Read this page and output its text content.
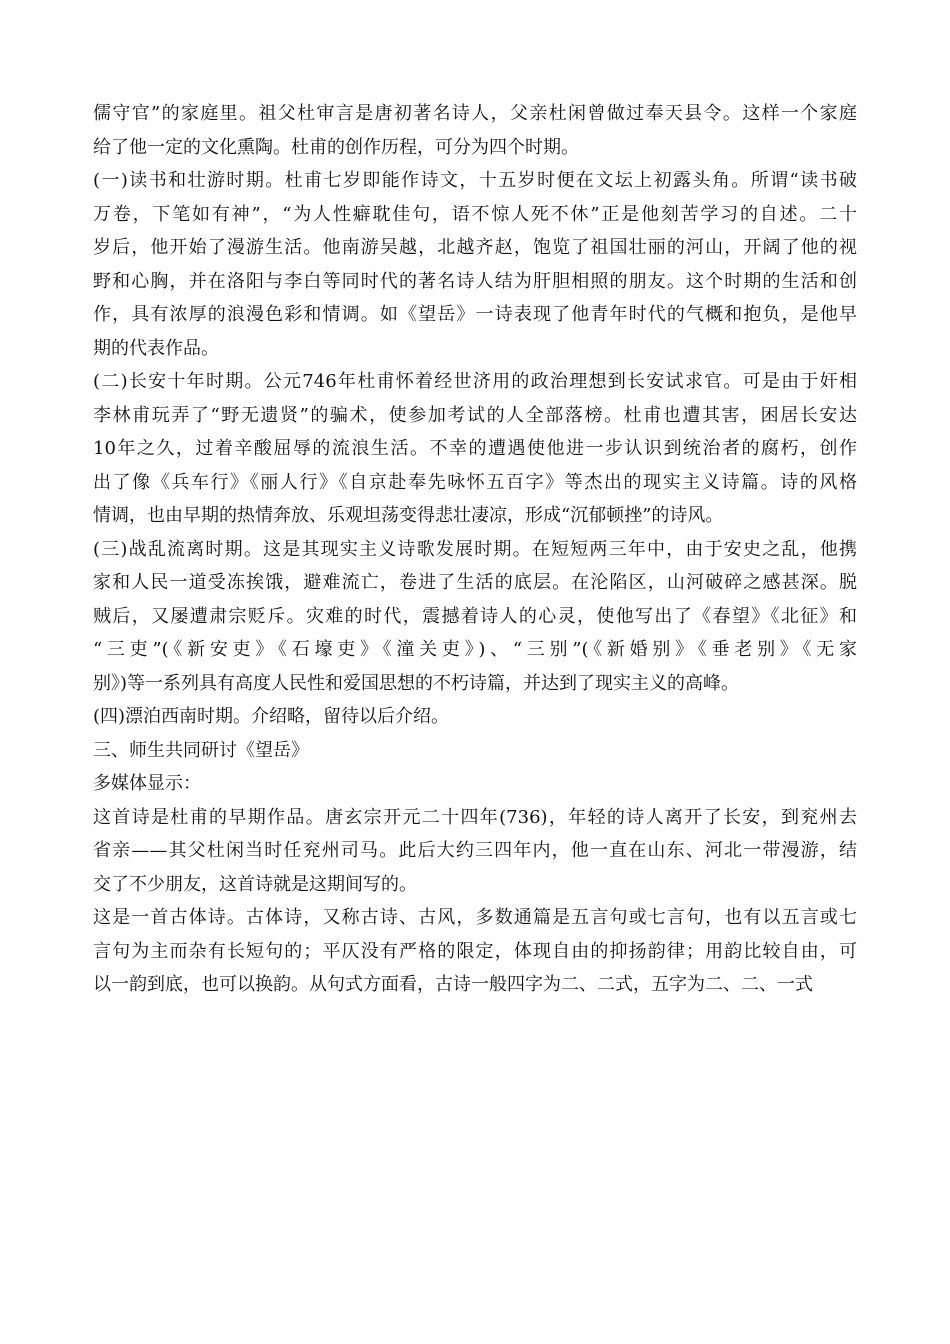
儒守官”的家庭里。祖父杜审言是唐初著名诗人，父亲杜闲曾做过奉天县令。这样一个家庭
给了他一定的文化熏陶。杜甫的创作历程，可分为四个时期。
(一)读书和壮游时期。杜甫七岁即能作诗文，十五岁时便在文坛上初露头角。所谓“读书破
万卷，下笔如有神”，“为人性癖耽佳句，语不惊人死不休”正是他刻苦学习的自述。二十
岁后，他开始了漫游生活。他南游吴越，北越齐赵，饱览了祖国壮丽的河山，开阔了他的视
野和心胸，并在洛阳与李白等同时代的著名诗人结为肝胆相照的朋友。这个时期的生活和创
作，具有浓厚的浪漫色彩和情调。如《望岳》一诗表现了他青年时代的气概和抱负，是他早
期的代表作品。
(二)长安十年时期。公元746年杜甫怀着经世济用的政治理想到长安试求官。可是由于奸相
李林甫玩弄了“野无遗贤”的骗术，使参加考试的人全部落榜。杜甫也遭其害，困居长安达
10年之久，过着辛酸屈辱的流浪生活。不幸的遭遇使他进一步认识到统治者的腐朽，创作
出了像《兵车行》《丽人行》《自京赴奉先咏怀五百字》等杰出的现实主义诗篇。诗的风格
情调，也由早期的热情奔放、乐观坦荡变得悲壮凄凉，形成“沉郁顿挫”的诗风。
(三)战乱流离时期。这是其现实主义诗歌发展时期。在短短两三年中，由于安史之乱，他携
家和人民一道受冻挨饿，避难流亡，卷进了生活的底层。在沦陷区，山河破碎之感甚深。脱
贼后，又屡遭肃宗贬斥。灾难的时代，震撼着诗人的心灵，使他写出了《春望》《北征》和
“三吏”(《新安吏》《石壕吏》《潼关吏》)、“三别”(《新婚别》《垂老别》《无家
别》)等一系列具有高度人民性和爱国思想的不朽诗篇，并达到了现实主义的高峰。
(四)漂泊西南时期。介绍略，留待以后介绍。
三、师生共同研讨《望岳》
多媒体显示：
这首诗是杜甫的早期作品。唐玄宗开元二十四年(736)，年轻的诗人离开了长安，到兖州去
省亲——其父杜闲当时任兖州司马。此后大约三四年内，他一直在山东、河北一带漫游，结
交了不少朋友，这首诗就是这期间写的。
这是一首古体诗。古体诗，又称古诗、古风，多数通篇是五言句或七言句，也有以五言或七
言句为主而杂有长短句的；平仄没有严格的限定，体现自由的抑扬韵律；用韵比较自由，可
以一韵到底，也可以换韵。从句式方面看，古诗一般四字为二、二式，五字为二、二、一式
